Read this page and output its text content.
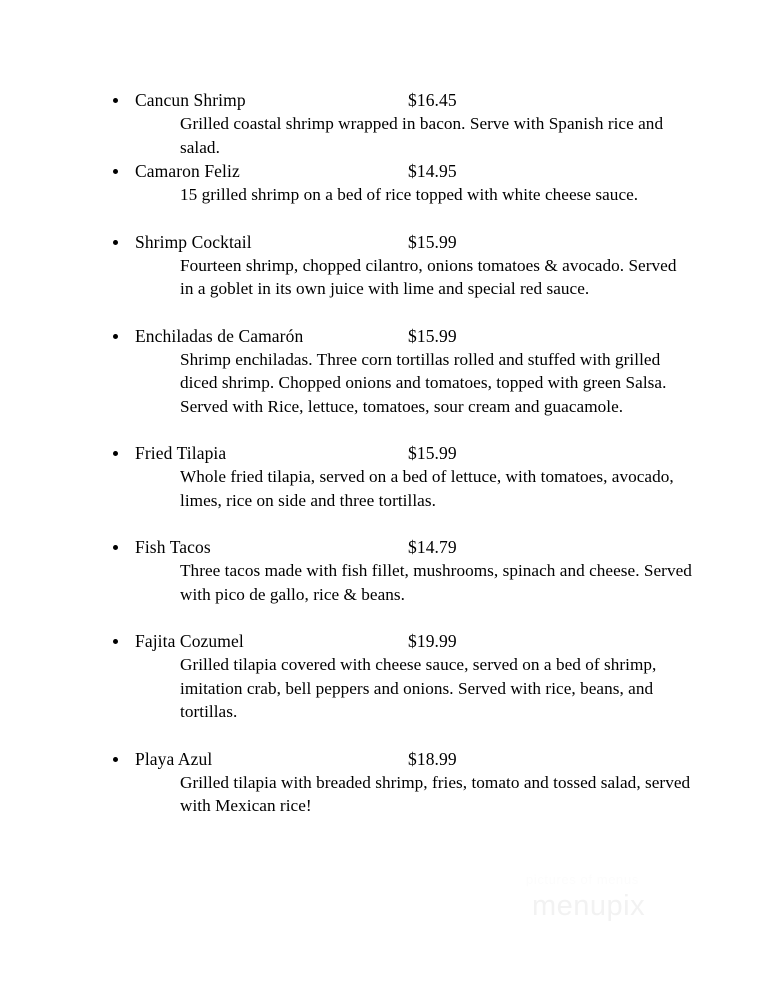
Cancun Shrimp	$16.45
Grilled coastal shrimp wrapped in bacon. Serve with Spanish rice and salad.
Camaron Feliz	$14.95
15 grilled shrimp on a bed of rice topped with white cheese sauce.
Shrimp Cocktail	$15.99
Fourteen shrimp, chopped cilantro, onions tomatoes & avocado. Served in a goblet in its own juice with lime and special red sauce.
Enchiladas de Camarón	$15.99
Shrimp enchiladas. Three corn tortillas rolled and stuffed with grilled diced shrimp. Chopped onions and tomatoes, topped with green Salsa. Served with Rice, lettuce, tomatoes, sour cream and guacamole.
Fried Tilapia	$15.99
Whole fried tilapia, served on a bed of lettuce, with tomatoes, avocado, limes, rice on side and three tortillas.
Fish Tacos	$14.79
Three tacos made with fish fillet, mushrooms, spinach and cheese. Served with pico de gallo, rice & beans.
Fajita Cozumel	$19.99
Grilled tilapia covered with cheese sauce, served on a bed of shrimp, imitation crab, bell peppers and onions. Served with rice, beans, and tortillas.
Playa Azul	$18.99
Grilled tilapia with breaded shrimp, fries, tomato and tossed salad, served with Mexican rice!
pictures of menus
menupix
